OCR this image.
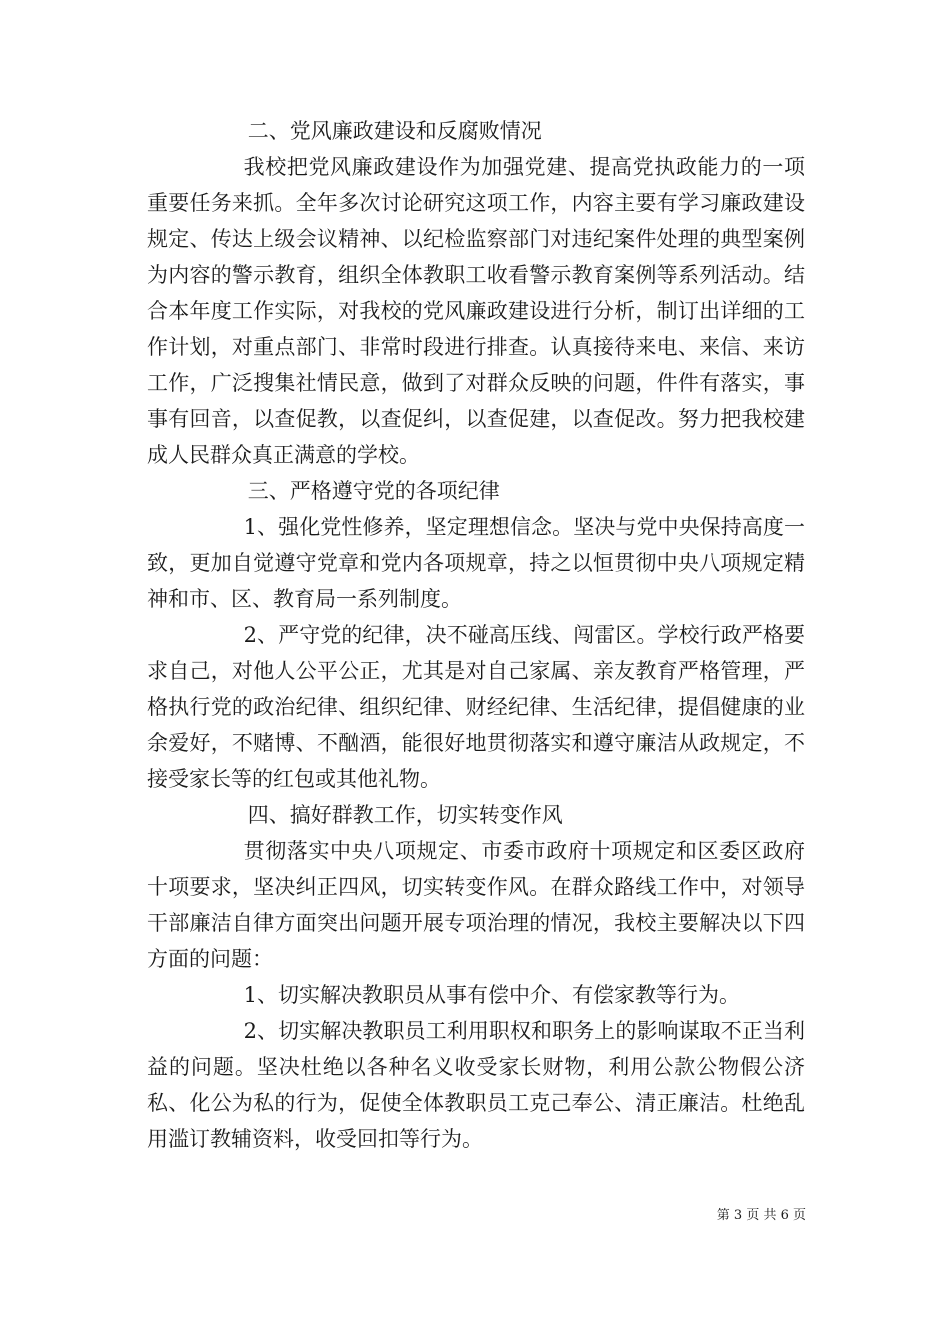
二、党风廉政建设和反腐败情况

我校把党风廉政建设作为加强党建、提高党执政能力的一项重要任务来抓。全年多次讨论研究这项工作，内容主要有学习廉政建设规定、传达上级会议精神、以纪检监察部门对违纪案件处理的典型案例为内容的警示教育，组织全体教职工收看警示教育案例等系列活动。结合本年度工作实际，对我校的党风廉政建设进行分析，制订出详细的工作计划，对重点部门、非常时段进行排查。认真接待来电、来信、来访工作，广泛搜集社情民意，做到了对群众反映的问题，件件有落实，事事有回音，以查促教，以查促纠，以查促建，以查促改。努力把我校建成人民群众真正满意的学校。

三、严格遵守党的各项纪律

1、强化党性修养，坚定理想信念。坚决与党中央保持高度一致，更加自觉遵守党章和党内各项规章，持之以恒贯彻中央八项规定精神和市、区、教育局一系列制度。

2、严守党的纪律，决不碰高压线、闯雷区。学校行政严格要求自己，对他人公平公正，尤其是对自己家属、亲友教育严格管理，严格执行党的政治纪律、组织纪律、财经纪律、生活纪律，提倡健康的业余爱好，不赌博、不酗酒，能很好地贯彻落实和遵守廉洁从政规定，不接受家长等的红包或其他礼物。

四、搞好群教工作，切实转变作风

贯彻落实中央八项规定、市委市政府十项规定和区委区政府十项要求，坚决纠正四风，切实转变作风。在群众路线工作中，对领导干部廉洁自律方面突出问题开展专项治理的情况，我校主要解决以下四方面的问题：

1、切实解决教职员从事有偿中介、有偿家教等行为。

2、切实解决教职员工利用职权和职务上的影响谋取不正当利益的问题。坚决杜绝以各种名义收受家长财物，利用公款公物假公济私、化公为私的行为，促使全体教职员工克己奉公、清正廉洁。杜绝乱用滥订教辅资料，收受回扣等行为。

第 3 页 共 6 页
